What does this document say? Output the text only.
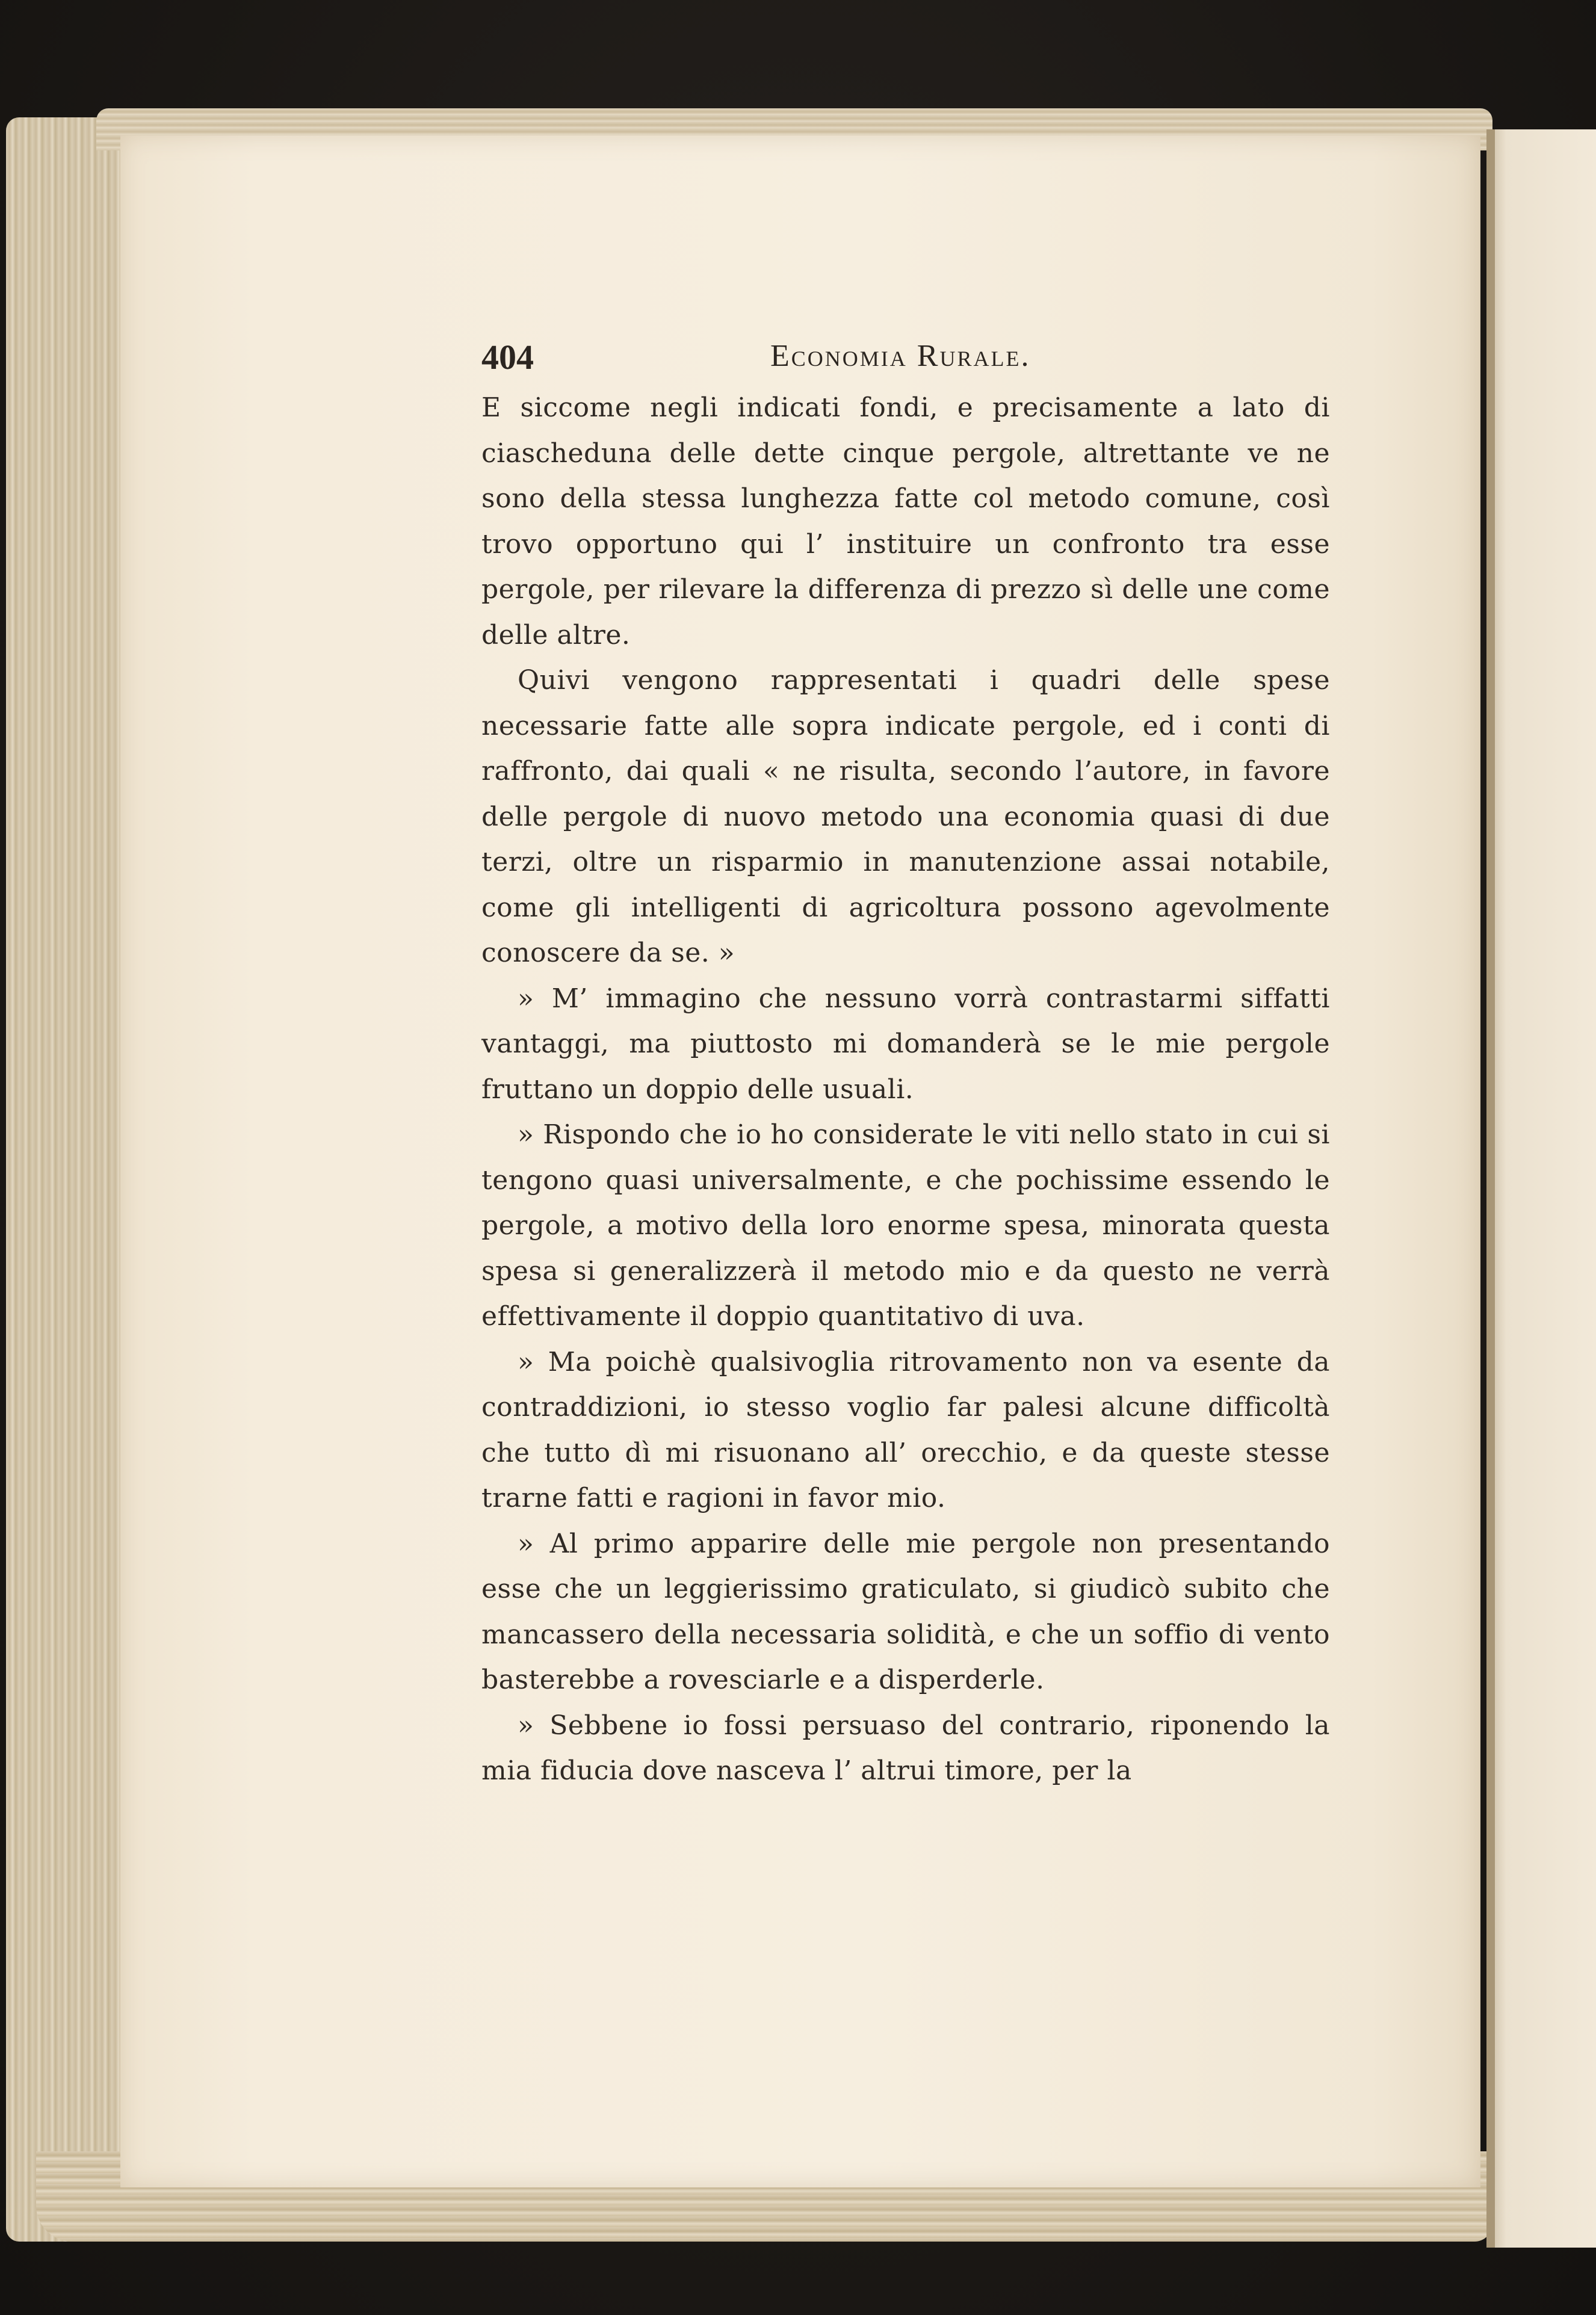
404	Economia Rurale.

E siccome negli indicati fondi, e precisamente a lato di ciascheduna delle dette cinque pergole, altrettante ve ne sono della stessa lunghezza fatte col metodo comune, così trovo opportuno qui l’ instituire un confronto tra esse pergole, per rilevare la differenza di prezzo sì delle une come delle altre.

Quivi vengono rappresentati i quadri delle spese necessarie fatte alle sopra indicate pergole, ed i conti di raffronto, dai quali « ne risulta, secondo l’autore, in favore delle pergole di nuovo metodo una economia quasi di due terzi, oltre un risparmio in manutenzione assai notabile, come gli intelligenti di agricoltura possono agevolmente conoscere da se. »

» M’ immagino che nessuno vorrà contrastarmi siffatti vantaggi, ma piuttosto mi domanderà se le mie pergole fruttano un doppio delle usuali.

» Rispondo che io ho considerate le viti nello stato in cui si tengono quasi universalmente, e che pochissime essendo le pergole, a motivo della loro enorme spesa, minorata questa spesa si generalizzerà il metodo mio e da questo ne verrà effettivamente il doppio quantitativo di uva.

» Ma poichè qualsivoglia ritrovamento non va esente da contraddizioni, io stesso voglio far palesi alcune difficoltà che tutto dì mi risuonano all’ orecchio, e da queste stesse trarne fatti e ragioni in favor mio.

» Al primo apparire delle mie pergole non presentando esse che un leggierissimo graticulato, si giudicò subito che mancassero della necessaria solidità, e che un soffio di vento basterebbe a rovesciarle e a disperderle.

» Sebbene io fossi persuaso del contrario, riponendo la mia fiducia dove nasceva l’ altrui timore, per la
